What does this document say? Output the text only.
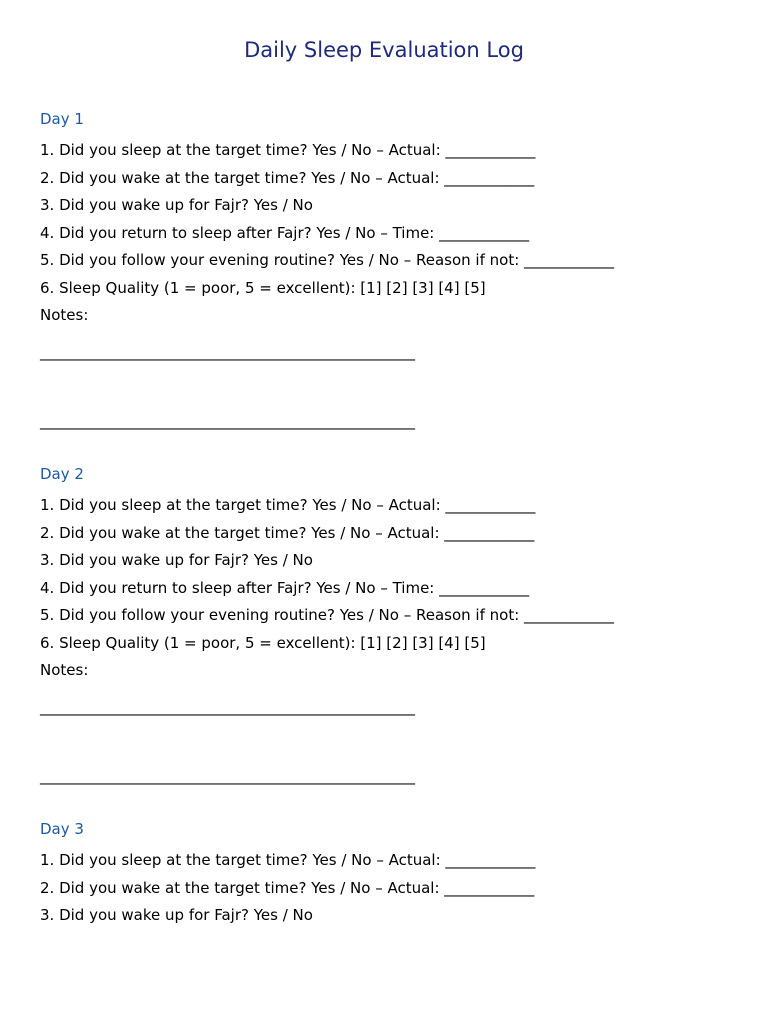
Daily Sleep Evaluation Log
Day 1
1. Did you sleep at the target time? Yes / No – Actual: ____________
2. Did you wake at the target time? Yes / No – Actual: ____________
3. Did you wake up for Fajr? Yes / No
4. Did you return to sleep after Fajr? Yes / No – Time: ____________
5. Did you follow your evening routine? Yes / No – Reason if not: ____________
6. Sleep Quality (1 = poor, 5 = excellent): [1] [2] [3] [4] [5]
Notes:
__________________________________________________
__________________________________________________
Day 2
1. Did you sleep at the target time? Yes / No – Actual: ____________
2. Did you wake at the target time? Yes / No – Actual: ____________
3. Did you wake up for Fajr? Yes / No
4. Did you return to sleep after Fajr? Yes / No – Time: ____________
5. Did you follow your evening routine? Yes / No – Reason if not: ____________
6. Sleep Quality (1 = poor, 5 = excellent): [1] [2] [3] [4] [5]
Notes:
__________________________________________________
__________________________________________________
Day 3
1. Did you sleep at the target time? Yes / No – Actual: ____________
2. Did you wake at the target time? Yes / No – Actual: ____________
3. Did you wake up for Fajr? Yes / No
